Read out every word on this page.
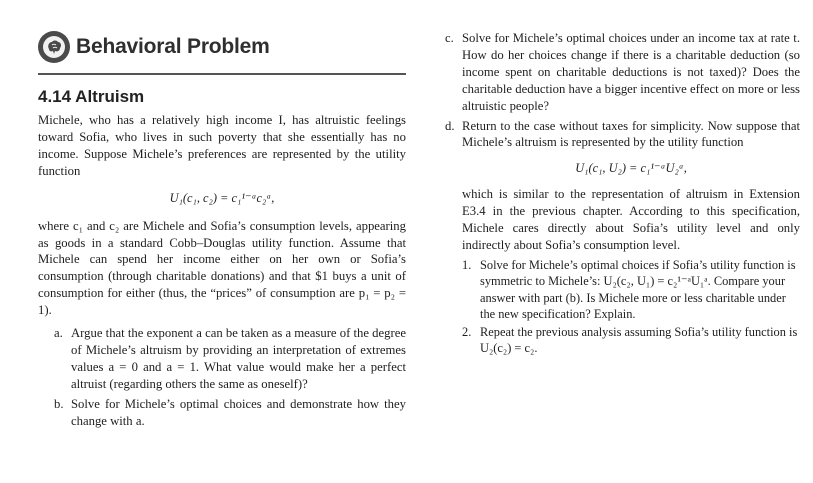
Behavioral Problem
4.14 Altruism

Michele, who has a relatively high income I, has altruistic feelings toward Sofia, who lives in such poverty that she essentially has no income. Suppose Michele’s preferences are represented by the utility function

U₁(c₁, c₂) = c₁¹⁻ᵃc₂ᵃ,

where c₁ and c₂ are Michele and Sofia’s consumption levels, appearing as goods in a standard Cobb–Douglas utility function. Assume that Michele can spend her income either on her own or Sofia’s consumption (through charitable donations) and that $1 buys a unit of consumption for either (thus, the “prices” of consumption are p₁ = p₂ = 1).

a. Argue that the exponent a can be taken as a measure of the degree of Michele’s altruism by providing an interpretation of extremes values a = 0 and a = 1. What value would make her a perfect altruist (regarding others the same as oneself)?
b. Solve for Michele’s optimal choices and demonstrate how they change with a.
c. Solve for Michele’s optimal choices under an income tax at rate t. How do her choices change if there is a charitable deduction (so income spent on charitable deductions is not taxed)? Does the charitable deduction have a bigger incentive effect on more or less altruistic people?
d. Return to the case without taxes for simplicity. Now suppose that Michele’s altruism is represented by the utility function
U₁(c₁, U₂) = c₁¹⁻ᵃU₂ᵃ,

which is similar to the representation of altruism in Extension E3.4 in the previous chapter. According to this specification, Michele cares directly about Sofia’s utility level and only indirectly about Sofia’s consumption level.

1. Solve for Michele’s optimal choices if Sofia’s utility function is symmetric to Michele’s: U₂(c₂, U₁) = c₂¹⁻ᵃU₁ᵃ. Compare your answer with part (b). Is Michele more or less charitable under the new specification? Explain.
2. Repeat the previous analysis assuming Sofia’s utility function is U₂(c₂) = c₂.
